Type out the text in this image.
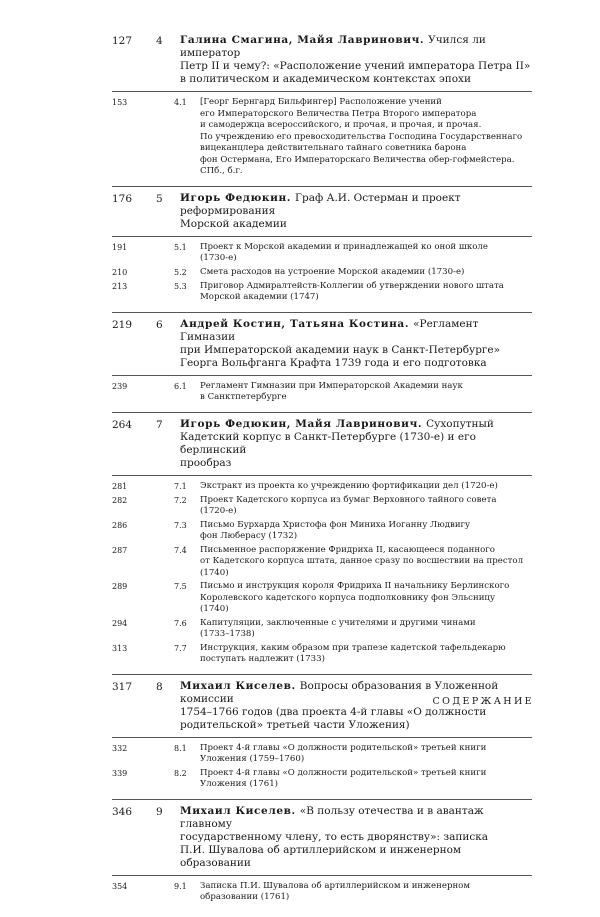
127	4	Галина Смагина, Майя Лавринович. Учился ли император
Петр II и чему?: «Расположение учений императора Петра II»
в политическом и академическом контекстах эпохи
153	4.1	[Георг Бернгард Бильфингер] Расположение учений
его Императорского Величества Петра Второго императора
и самодержца всероссийского, и прочая, и прочая, и прочая.
По учреждению его превосходительства Господина Государственнаго
вицеканцлера действительнаго тайнаго советника барона
фон Остермана, Его Императорскаго Величества обер-гофмейстера.
СПб., б.г.
176	5	Игорь Федюкин. Граф А.И. Остерман и проект реформирования
Морской академии
191	5.1	Проект к Морской академии и принадлежащей ко оной школе
(1730-е)
210	5.2	Смета расходов на устроение Морской академии (1730-е)
213	5.3	Приговор Адмиралтейств-Коллегии об утверждении нового штата
Морской академии (1747)
219	6	Андрей Костин, Татьяна Костина. «Регламент Гимназии
при Императорской академии наук в Санкт-Петербурге»
Георга Вольфганга Крафта 1739 года и его подготовка
239	6.1	Регламент Гимназии при Императорской Академии наук
в Санктпетербурге
264	7	Игорь Федюкин, Майя Лавринович. Сухопутный
Кадетский корпус в Санкт-Петербурге (1730-е) и его берлинский
прообраз
281	7.1	Экстракт из проекта ко учреждению фортификации дел (1720-е)
282	7.2	Проект Кадетского корпуса из бумаг Верховного тайного совета
(1720-е)
286	7.3	Письмо Бурхарда Христофа фон Миниха Иоганну Людвигу
фон Люберасу (1732)
287	7.4	Письменное распоряжение Фридриха II, касающееся поданного
от Кадетского корпуса штата, данное сразу по восшествии на престол
(1740)
289	7.5	Письмо и инструкция короля Фридриха II начальнику Берлинского
Королевского кадетского корпуса подполковнику фон Эльсницу
(1740)
294	7.6	Капитуляции, заключенные с учителями и другими чинами
(1733–1738)
313	7.7	Инструкция, каким образом при трапезе кадетской тафельдекарю
поступать надлежит (1733)
317	8	Михаил Киселев. Вопросы образования в Уложенной комиссии
1754–1766 годов (два проекта 4-й главы «О должности
родительской» третьей части Уложения)
332	8.1	Проект 4-й главы «О должности родительской» третьей книги
Уложения (1759–1760)
339	8.2	Проект 4-й главы «О должности родительской» третьей книги
Уложения (1761)
346	9	Михаил Киселев. «В пользу отечества и в авантаж главному
государственному члену, то есть дворянству»: записка
П.И. Шувалова об артиллерийском и инженерном образовании
354	9.1	Записка П.И. Шувалова об артиллерийском и инженерном
образовании (1761)
СОДЕРЖАНИЕ
